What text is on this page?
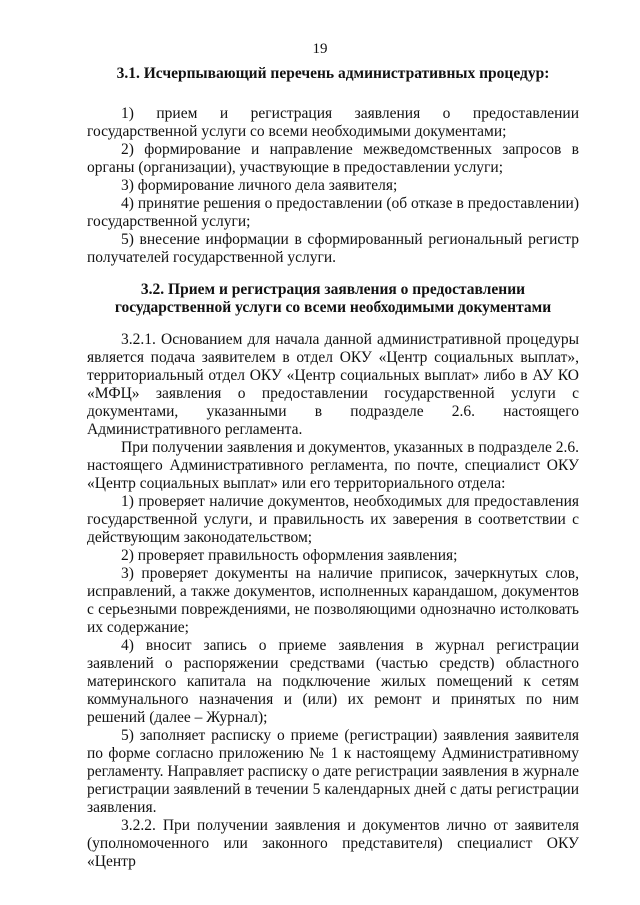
19

3.1. Исчерпывающий перечень административных процедур:

1) прием и регистрация заявления о предоставлении государственной услуги со всеми необходимыми документами;

2) формирование и направление межведомственных запросов в органы (организации), участвующие в предоставлении услуги;

3) формирование личного дела заявителя;

4) принятие решения о предоставлении (об отказе в предоставлении) государственной услуги;

5) внесение информации в сформированный региональный регистр получателей государственной услуги.

3.2. Прием и регистрация заявления о предоставлении

государственной услуги со всеми необходимыми документами

3.2.1. Основанием для начала данной административной процедуры
является подача заявителем в отдел ОКУ «Центр социальных выплат»,
территориальный отдел ОКУ «Центр социальных выплат» либо в АУ КО
«МФЦ» заявления о предоставлении государственной услуги с
документами, указанными в подразделе 2.6. настоящего
Административного регламента.

При получении заявления и документов, указанных в подразделе 2.6. настоящего Административного регламента, по почте, специалист ОКУ «Центр социальных выплат» или его территориального отдела:

1) проверяет наличие документов, необходимых для предоставления государственной услуги, и правильность их заверения в соответствии с действующим законодательством;

2) проверяет правильность оформления заявления;

3) проверяет документы на наличие приписок, зачеркнутых слов, исправлений, а также документов, исполненных карандашом, документов с серьезными повреждениями, не позволяющими однозначно истолковать их содержание;

4) вносит запись о приеме заявления в журнал регистрации заявлений о распоряжении средствами (частью средств) областного материнского капитала на подключение жилых помещений к сетям коммунального назначения и (или) их ремонт и принятых по ним решений (далее – Журнал);

5) заполняет расписку о приеме (регистрации) заявления заявителя по форме согласно приложению № 1 к настоящему Административному регламенту. Направляет расписку о дате регистрации заявления в журнале регистрации заявлений в течении 5 календарных дней с даты регистрации заявления.

3.2.2. При получении заявления и документов лично от заявителя (уполномоченного или законного представителя) специалист ОКУ «Центр
